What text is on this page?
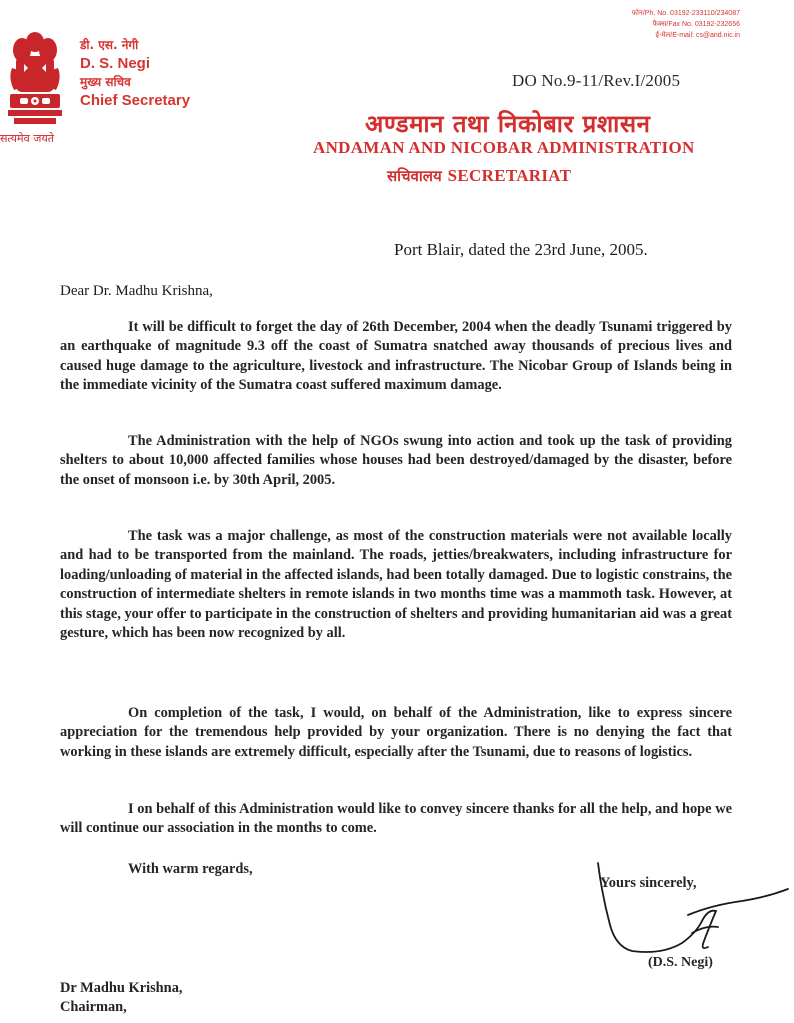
सत्यमेव जयते
डी. एस. नेगी
D. S. Negi
मुख्य सचिव
Chief Secretary
फोन/Ph. No. 03192-233110/234087
फैक्स/Fax No. 03192-232656
ई-मेल/E-mail: cs@and.nic.in
DO No.9-11/Rev.I/2005
अण्डमान तथा निकोबार प्रशासन
ANDAMAN AND NICOBAR ADMINISTRATION
सचिवालय SECRETARIAT
Port Blair, dated the 23rd June, 2005.
Dear Dr. Madhu Krishna,
It will be difficult to forget the day of 26th December, 2004 when the deadly Tsunami triggered by an earthquake of magnitude 9.3 off the coast of Sumatra snatched away thousands of precious lives and caused huge damage to the agriculture, livestock and infrastructure. The Nicobar Group of Islands being in the immediate vicinity of the Sumatra coast suffered maximum damage.
The Administration with the help of NGOs swung into action and took up the task of providing shelters to about 10,000 affected families whose houses had been destroyed/damaged by the disaster, before the onset of monsoon i.e. by 30th April, 2005.
The task was a major challenge, as most of the construction materials were not available locally and had to be transported from the mainland. The roads, jetties/breakwaters, including infrastructure for loading/unloading of material in the affected islands, had been totally damaged. Due to logistic constrains, the construction of intermediate shelters in remote islands in two months time was a mammoth task. However, at this stage, your offer to participate in the construction of shelters and providing humanitarian aid was a great gesture, which has been now recognized by all.
On completion of the task, I would, on behalf of the Administration, like to express sincere appreciation for the tremendous help provided by your organization. There is no denying the fact that working in these islands are extremely difficult, especially after the Tsunami, due to reasons of logistics.
I on behalf of this Administration would like to convey sincere thanks for all the help, and hope we will continue our association in the months to come.
With warm regards,
Yours sincerely,
(D.S. Negi)
Dr Madhu Krishna,
Chairman,
